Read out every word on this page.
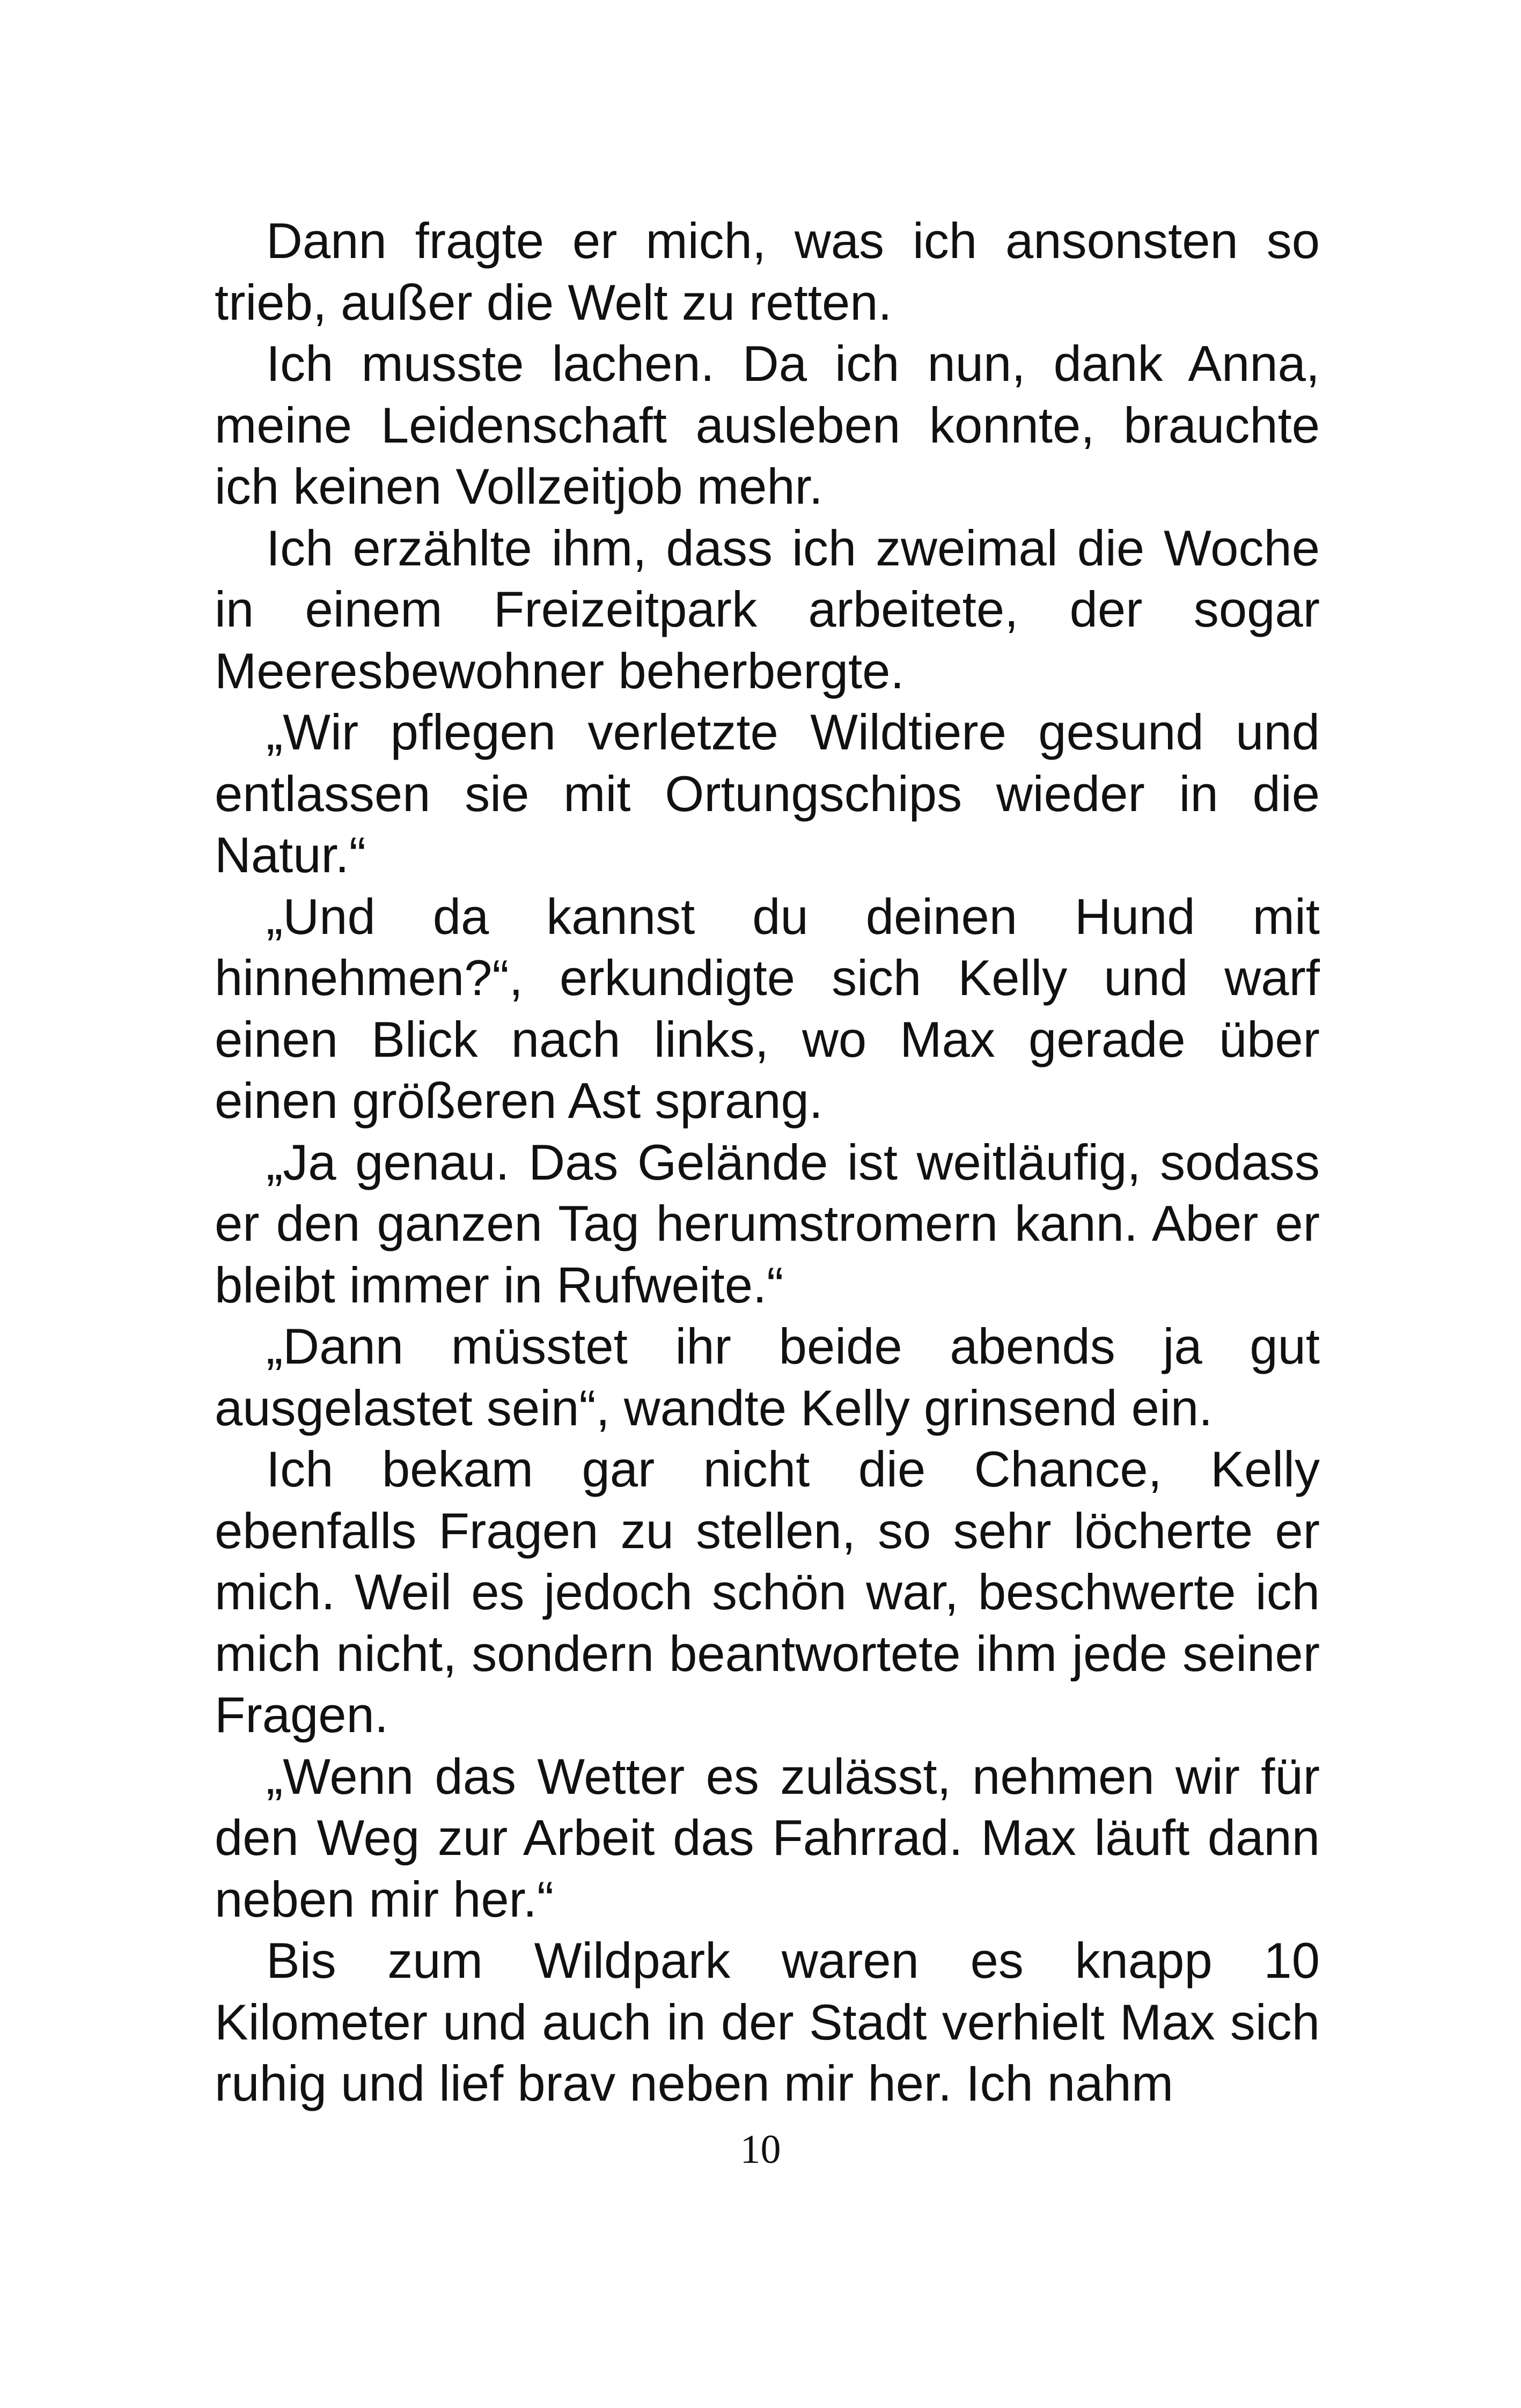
Dann fragte er mich, was ich ansonsten so trieb, außer die Welt zu retten.

Ich musste lachen. Da ich nun, dank Anna, meine Leidenschaft ausleben konnte, brauchte ich keinen Vollzeitjob mehr.

Ich erzählte ihm, dass ich zweimal die Woche in einem Freizeitpark arbeitete, der sogar Meeresbewohner beherbergte.

„Wir pflegen verletzte Wildtiere gesund und entlassen sie mit Ortungschips wieder in die Natur.“

„Und da kannst du deinen Hund mit hinnehmen?“, erkundigte sich Kelly und warf einen Blick nach links, wo Max gerade über einen größeren Ast sprang.

„Ja genau. Das Gelände ist weitläufig, sodass er den ganzen Tag herumstromern kann. Aber er bleibt immer in Rufweite.“

„Dann müsstet ihr beide abends ja gut ausgelastet sein“, wandte Kelly grinsend ein.

Ich bekam gar nicht die Chance, Kelly ebenfalls Fragen zu stellen, so sehr löcherte er mich. Weil es jedoch schön war, beschwerte ich mich nicht, sondern beantwortete ihm jede seiner Fragen.

„Wenn das Wetter es zulässt, nehmen wir für den Weg zur Arbeit das Fahrrad. Max läuft dann neben mir her.“

Bis zum Wildpark waren es knapp 10 Kilometer und auch in der Stadt verhielt Max sich ruhig und lief brav neben mir her. Ich nahm

10
